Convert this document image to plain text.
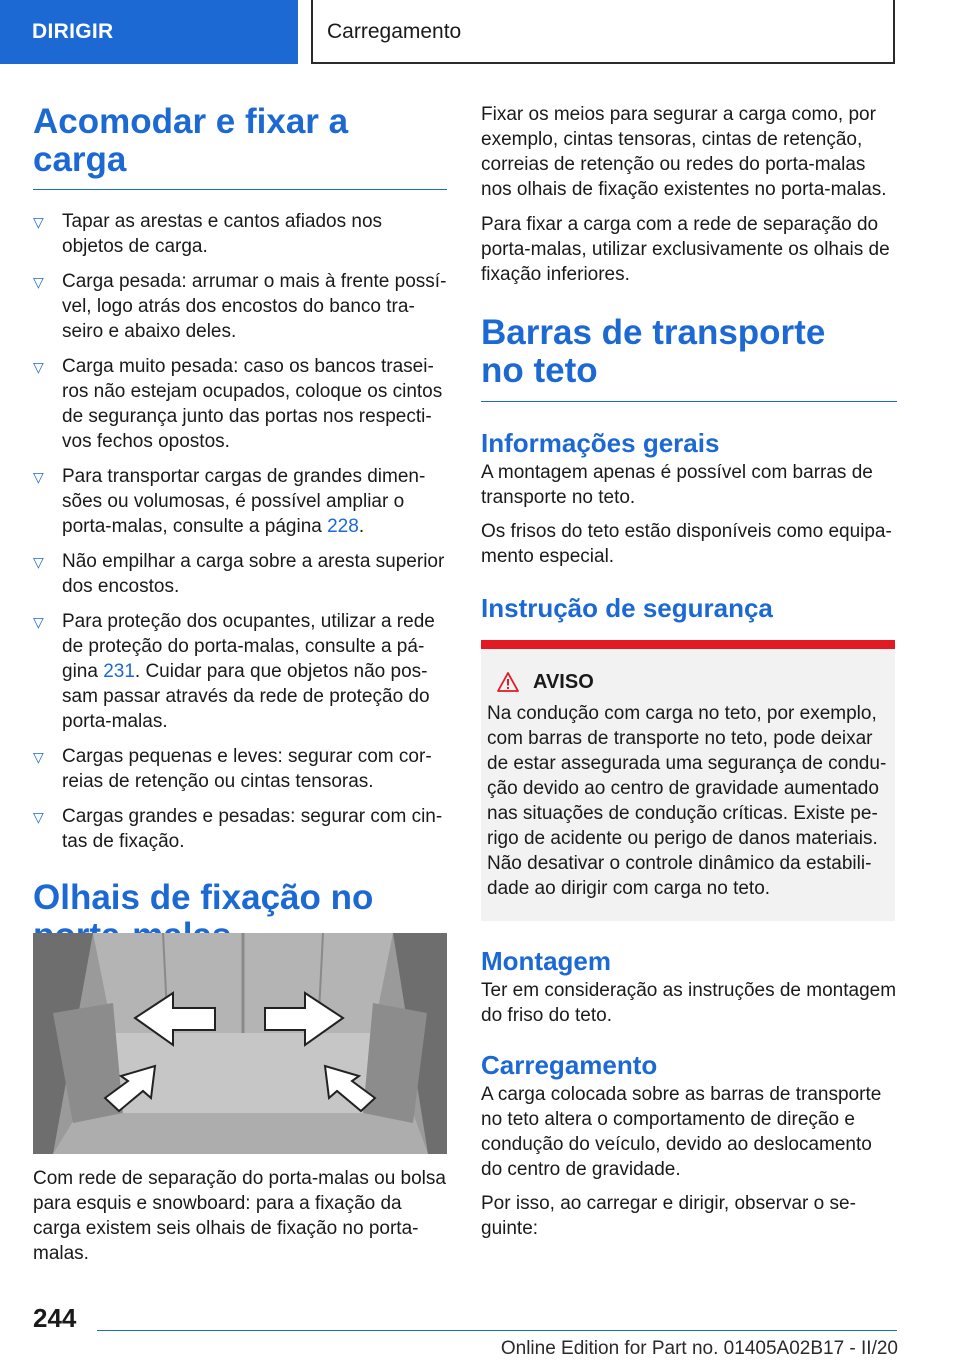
DIRIGIR	Carregamento
Acomodar e fixar a carga
▽ Tapar as arestas e cantos afiados nos objetos de carga.
▽ Carga pesada: arrumar o mais à frente possível, logo atrás dos encostos do banco traseiro e abaixo deles.
▽ Carga muito pesada: caso os bancos traseiros não estejam ocupados, coloque os cintos de segurança junto das portas nos respectivos fechos opostos.
▽ Para transportar cargas de grandes dimensões ou volumosas, é possível ampliar o porta-malas, consulte a página 228.
▽ Não empilhar a carga sobre a aresta superior dos encostos.
▽ Para proteção dos ocupantes, utilizar a rede de proteção do porta-malas, consulte a página 231. Cuidar para que objetos não possam passar através da rede de proteção do porta-malas.
▽ Cargas pequenas e leves: segurar com correias de retenção ou cintas tensoras.
▽ Cargas grandes e pesadas: segurar com cintas de fixação.
Olhais de fixação no

Com rede de separação do porta-malas ou bolsa para esquis e snowboard: para a fixação da carga existem seis olhais de fixação no porta-malas.

Fixar os meios para segurar a carga como, por exemplo, cintas tensoras, cintas de retenção, correias de retenção ou redes do porta-malas nos olhais de fixação existentes no porta-malas.

Para fixar a carga com a rede de separação do porta-malas, utilizar exclusivamente os olhais de fixação inferiores.

Barras de transporte no teto
Informações gerais

A montagem apenas é possível com barras de transporte no teto.

Os frisos do teto estão disponíveis como equipamento especial.

Instrução de segurança
AVISO
Na condução com carga no teto, por exemplo, com barras de transporte no teto, pode deixar de estar assegurada uma segurança de condução devido ao centro de gravidade aumentado nas situações de condução críticas. Existe perigo de acidente ou perigo de danos materiais. Não desativar o controle dinâmico da estabilidade ao dirigir com carga no teto.
Montagem

Ter em consideração as instruções de montagem do friso do teto.

Carregamento

A carga colocada sobre as barras de transporte no teto altera o comportamento de direção e condução do veículo, devido ao deslocamento do centro de gravidade.

Por isso, ao carregar e dirigir, observar o seguinte:

244
Online Edition for Part no. 01405A02B17 - II/20
